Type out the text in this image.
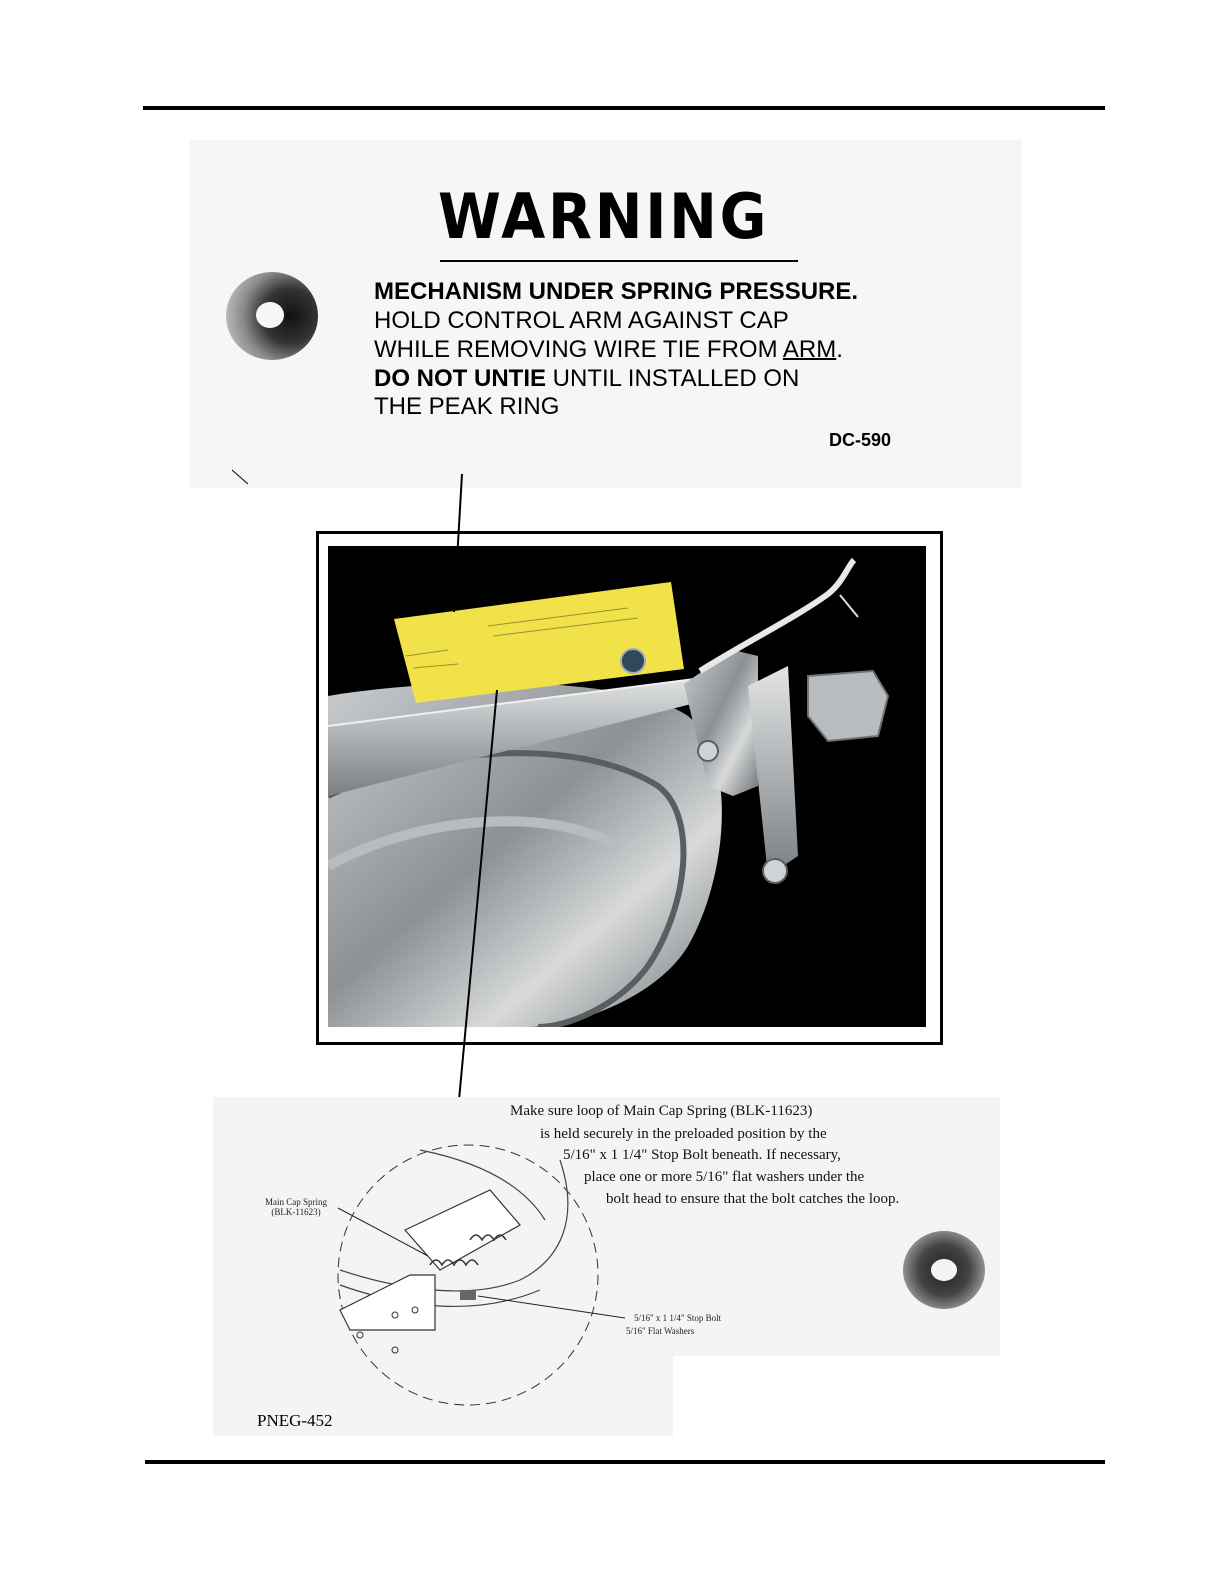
WARNING
MECHANISM UNDER SPRING PRESSURE.
HOLD CONTROL ARM AGAINST CAP
WHILE REMOVING WIRE TIE FROM ARM.
DO NOT UNTIE UNTIL INSTALLED ON
THE PEAK RING
DC-590
Make sure loop of Main Cap Spring (BLK-11623)
is held securely in the preloaded position by the
5/16" x 1 1/4" Stop Bolt beneath. If necessary,
place one or more 5/16" flat washers under the
bolt head to ensure that the bolt catches the loop.
Main Cap Spring
(BLK-11623)
5/16" x 1 1/4" Stop Bolt
5/16" Flat Washers
PNEG-452
